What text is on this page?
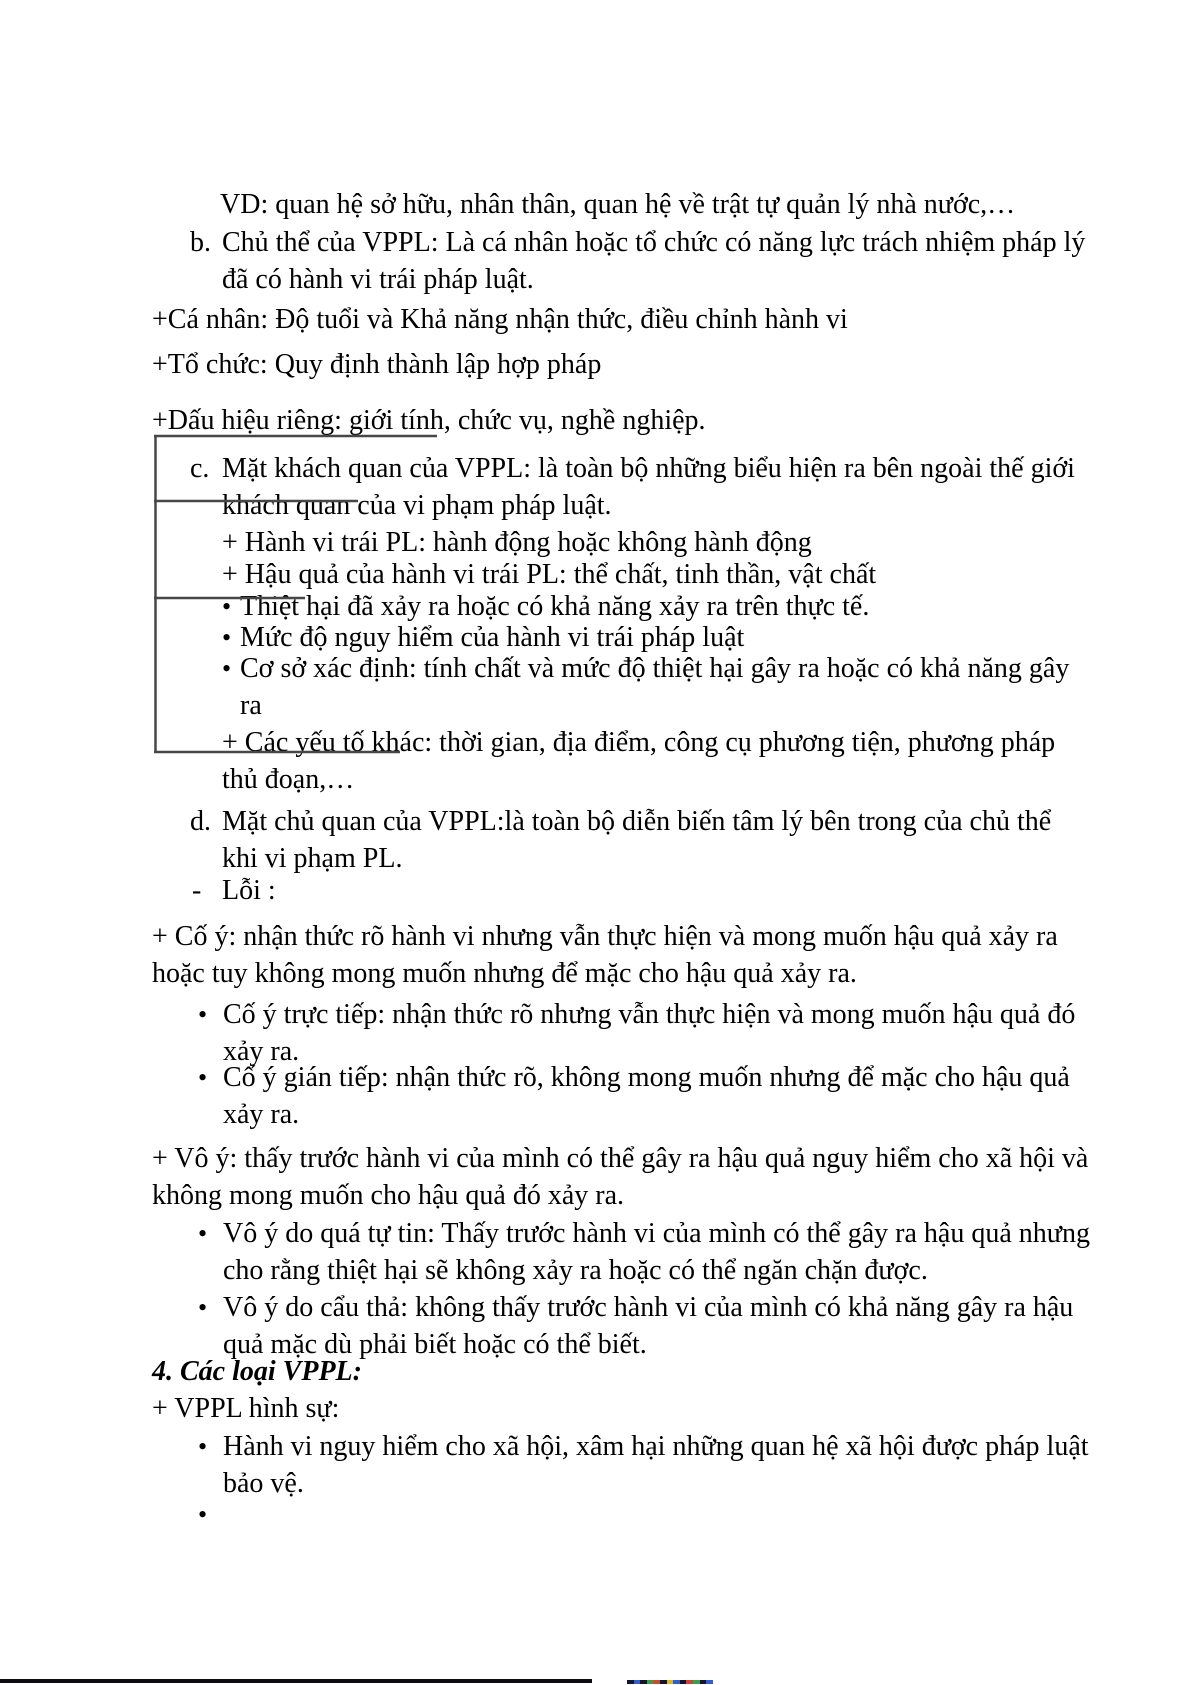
VD: quan hệ sở hữu, nhân thân, quan hệ về trật tự quản lý nhà nước,…
b. Chủ thể của VPPL: Là cá nhân hoặc tổ chức có năng lực trách nhiệm pháp lý
đã có hành vi trái pháp luật.
+Cá nhân: Độ tuổi và Khả năng nhận thức, điều chỉnh hành vi
+Tổ chức: Quy định thành lập hợp pháp
+Dấu hiệu riêng: giới tính, chức vụ, nghề nghiệp.
c. Mặt khách quan của VPPL: là toàn bộ những biểu hiện ra bên ngoài thế giới
khách quan của vi phạm pháp luật.
+ Hành vi trái PL: hành động hoặc không hành động
+ Hậu quả của hành vi trái PL: thể chất, tinh thần, vật chất
• Thiệt hại đã xảy ra hoặc có khả năng xảy ra trên thực tế.
• Mức độ nguy hiểm của hành vi trái pháp luật
• Cơ sở xác định: tính chất và mức độ thiệt hại gây ra hoặc có khả năng gây
ra
+ Các yếu tố khác: thời gian, địa điểm, công cụ phương tiện, phương pháp
thủ đoạn,…
d. Mặt chủ quan của VPPL:là toàn bộ diễn biến tâm lý bên trong của chủ thể
khi vi phạm PL.
- Lỗi :
+ Cố ý: nhận thức rõ hành vi nhưng vẫn thực hiện và mong muốn hậu quả xảy ra
hoặc tuy không mong muốn nhưng để mặc cho hậu quả xảy ra.
• Cố ý trực tiếp: nhận thức rõ nhưng vẫn thực hiện và mong muốn hậu quả đó
xảy ra.
• Cố ý gián tiếp: nhận thức rõ, không mong muốn nhưng để mặc cho hậu quả
xảy ra.
+ Vô ý: thấy trước hành vi của mình có thể gây ra hậu quả nguy hiểm cho xã hội và
không mong muốn cho hậu quả đó xảy ra.
• Vô ý do quá tự tin: Thấy trước hành vi của mình có thể gây ra hậu quả nhưng
cho rằng thiệt hại sẽ không xảy ra hoặc có thể ngăn chặn được.
• Vô ý do cẩu thả: không thấy trước hành vi của mình có khả năng gây ra hậu
quả mặc dù phải biết hoặc có thể biết.
4. Các loại VPPL:
+ VPPL hình sự:
• Hành vi nguy hiểm cho xã hội, xâm hại những quan hệ xã hội được pháp luật
bảo vệ.
•
